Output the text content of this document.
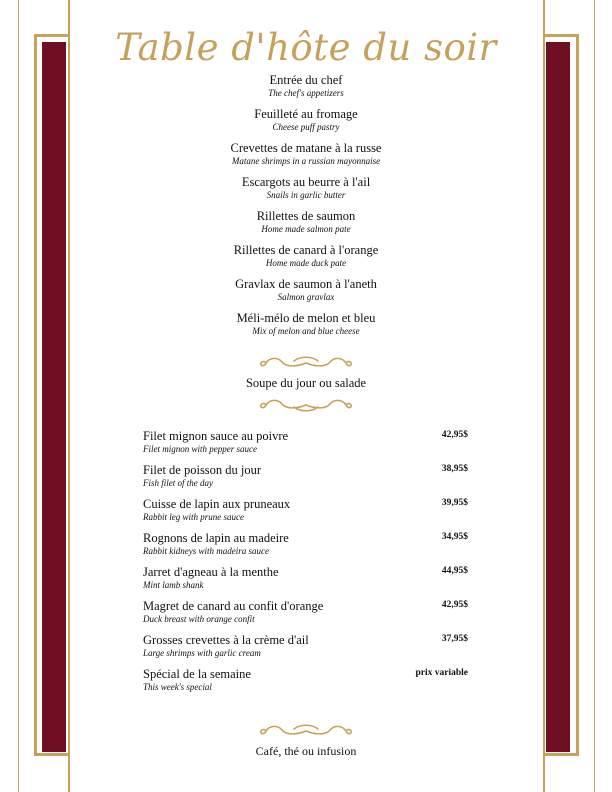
Table d'hôte du soir
Entrée du chef
The chef's appetizers
Feuilleté au fromage
Cheese puff pastry
Crevettes de matane à la russe
Matane shrimps in a russian mayonnaise
Escargots au beurre à l'ail
Snails in garlic butter
Rillettes de saumon
Home made salmon pate
Rillettes de canard à l'orange
Home made duck pate
Gravlax de saumon à l'aneth
Salmon gravlax
Méli-mélo de melon et bleu
Mix of melon and blue cheese
Soupe du jour ou salade
Filet mignon sauce au poivre
Filet mignon with pepper sauce
42,95$
Filet de poisson du jour
Fish filet of the day
38,95$
Cuisse de lapin aux pruneaux
Rabbit leg with prune sauce
39,95$
Rognons de lapin au madeire
Rabbit kidneys with madeira sauce
34,95$
Jarret d'agneau à la menthe
Mint lamb shank
44,95$
Magret de canard au confit d'orange
Duck breast with orange confit
42,95$
Grosses crevettes à la crème d'ail
Large shrimps with garlic cream
37,95$
Spécial de la semaine
This week's special
prix variable
Café, thé ou infusion
